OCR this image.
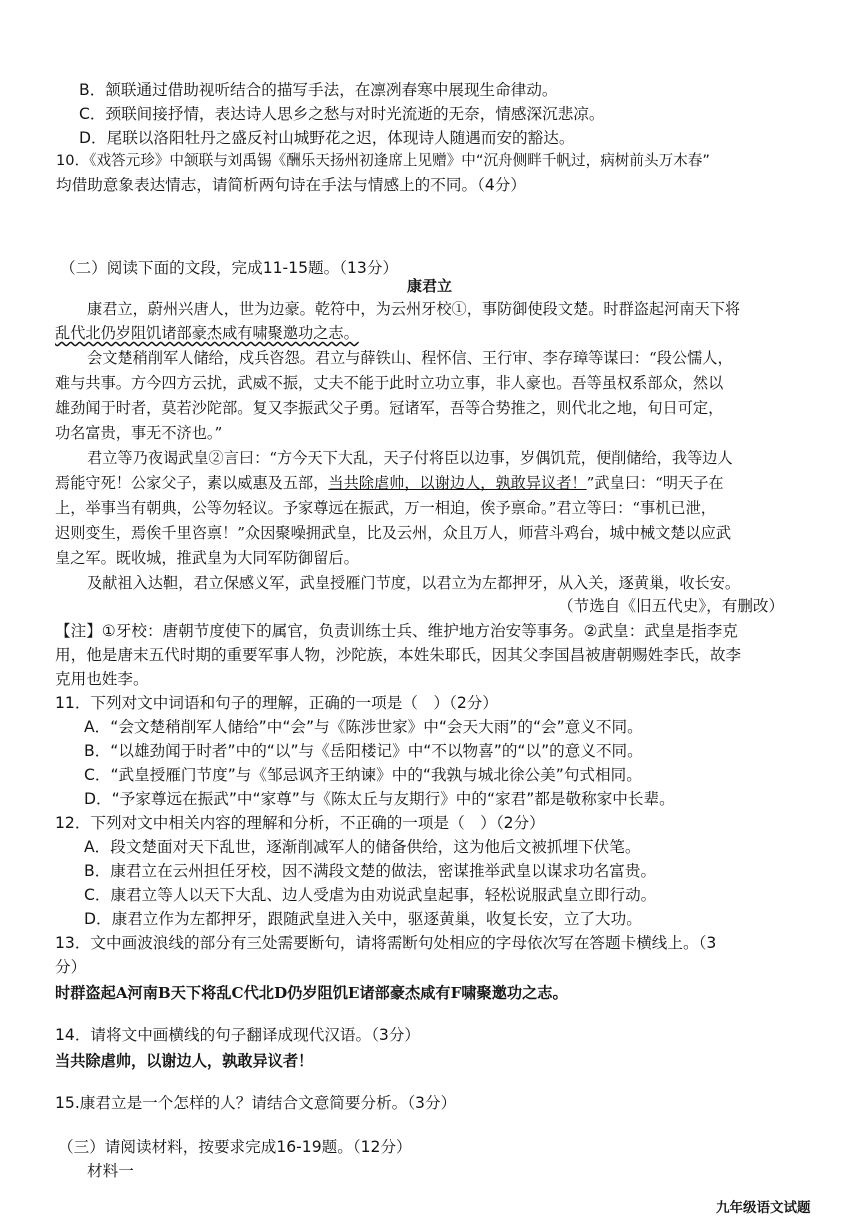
B．颔联通过借助视听结合的描写手法，在凛冽春寒中展现生命律动。
C．颈联间接抒情，表达诗人思乡之愁与对时光流逝的无奈，情感深沉悲凉。
D．尾联以洛阳牡丹之盛反衬山城野花之迟，体现诗人随遇而安的豁达。
10．《戏答元珍》中颔联与刘禹锡《酬乐天扬州初逢席上见赠》中“沉舟侧畔千帆过，病树前头万木春”
均借助意象表达情志，请简析两句诗在手法与情感上的不同。（4分）
（二）阅读下面的文段，完成11-15题。（13分）
康君立
康君立，蔚州兴唐人，世为边豪。乾符中，为云州牙校①，事防御使段文楚。时群盗起河南天下将
乱代北仍岁阻饥诸部豪杰咸有啸聚邀功之志。
会文楚稍削军人储给，戍兵咨怨。君立与薛铁山、程怀信、王行审、李存璋等谋曰：“段公懦人，
难与共事。方今四方云扰，武威不振，丈夫不能于此时立功立事，非人豪也。吾等虽权系部众，然以
雄劲闻于时者，莫若沙陀部。复又李振武父子勇。冠诸军，吾等合势推之，则代北之地，旬日可定，
功名富贵，事无不济也。”
君立等乃夜谒武皇②言曰：“方今天下大乱，天子付将臣以边事，岁偶饥荒，便削储给，我等边人
焉能守死！公家父子，素以威惠及五部，当共除虐帅，以谢边人，孰敢异议者！”武皇曰：“明天子在
上，举事当有朝典，公等勿轻议。予家尊远在振武，万一相迫，俟予禀命。”君立等曰：“事机已泄，
迟则变生，焉俟千里咨禀！”众因聚噪拥武皇，比及云州，众且万人，师营斗鸡台，城中械文楚以应武
皇之军。既收城，推武皇为大同军防御留后。
及献祖入达靼，君立保感义军，武皇授雁门节度，以君立为左都押牙，从入关，逐黄巢，收长安。
（节选自《旧五代史》，有删改）
【注】①牙校：唐朝节度使下的属官，负责训练士兵、维护地方治安等事务。②武皇：武皇是指李克
用，他是唐末五代时期的重要军事人物，沙陀族，本姓朱耶氏，因其父李国昌被唐朝赐姓李氏，故李
克用也姓李。
11．下列对文中词语和句子的理解，正确的一项是（　）（2分）
A．“会文楚稍削军人储给”中“会”与《陈涉世家》中“会天大雨”的“会”意义不同。
B．“以雄劲闻于时者”中的“以”与《岳阳楼记》中“不以物喜”的“以”的意义不同。
C．“武皇授雁门节度”与《邹忌讽齐王纳谏》中的“我孰与城北徐公美”句式相同。
D．“予家尊远在振武”中“家尊”与《陈太丘与友期行》中的“家君”都是敬称家中长辈。
12．下列对文中相关内容的理解和分析，不正确的一项是（　）（2分）
A．段文楚面对天下乱世，逐渐削减军人的储备供给，这为他后文被抓埋下伏笔。
B．康君立在云州担任牙校，因不满段文楚的做法，密谋推举武皇以谋求功名富贵。
C．康君立等人以天下大乱、边人受虐为由劝说武皇起事，轻松说服武皇立即行动。
D．康君立作为左都押牙，跟随武皇进入关中，驱逐黄巢，收复长安，立了大功。
13．文中画波浪线的部分有三处需要断句，请将需断句处相应的字母依次写在答题卡横线上。（3
分）
时群盗起A河南B天下将乱C代北D仍岁阻饥E诸部豪杰咸有F啸聚邀功之志。
14．请将文中画横线的句子翻译成现代汉语。（3分）
当共除虐帅，以谢边人，孰敢异议者！
15.康君立是一个怎样的人？请结合文意简要分析。（3分）
（三）请阅读材料，按要求完成16-19题。（12分）
材料一
九年级语文试题
